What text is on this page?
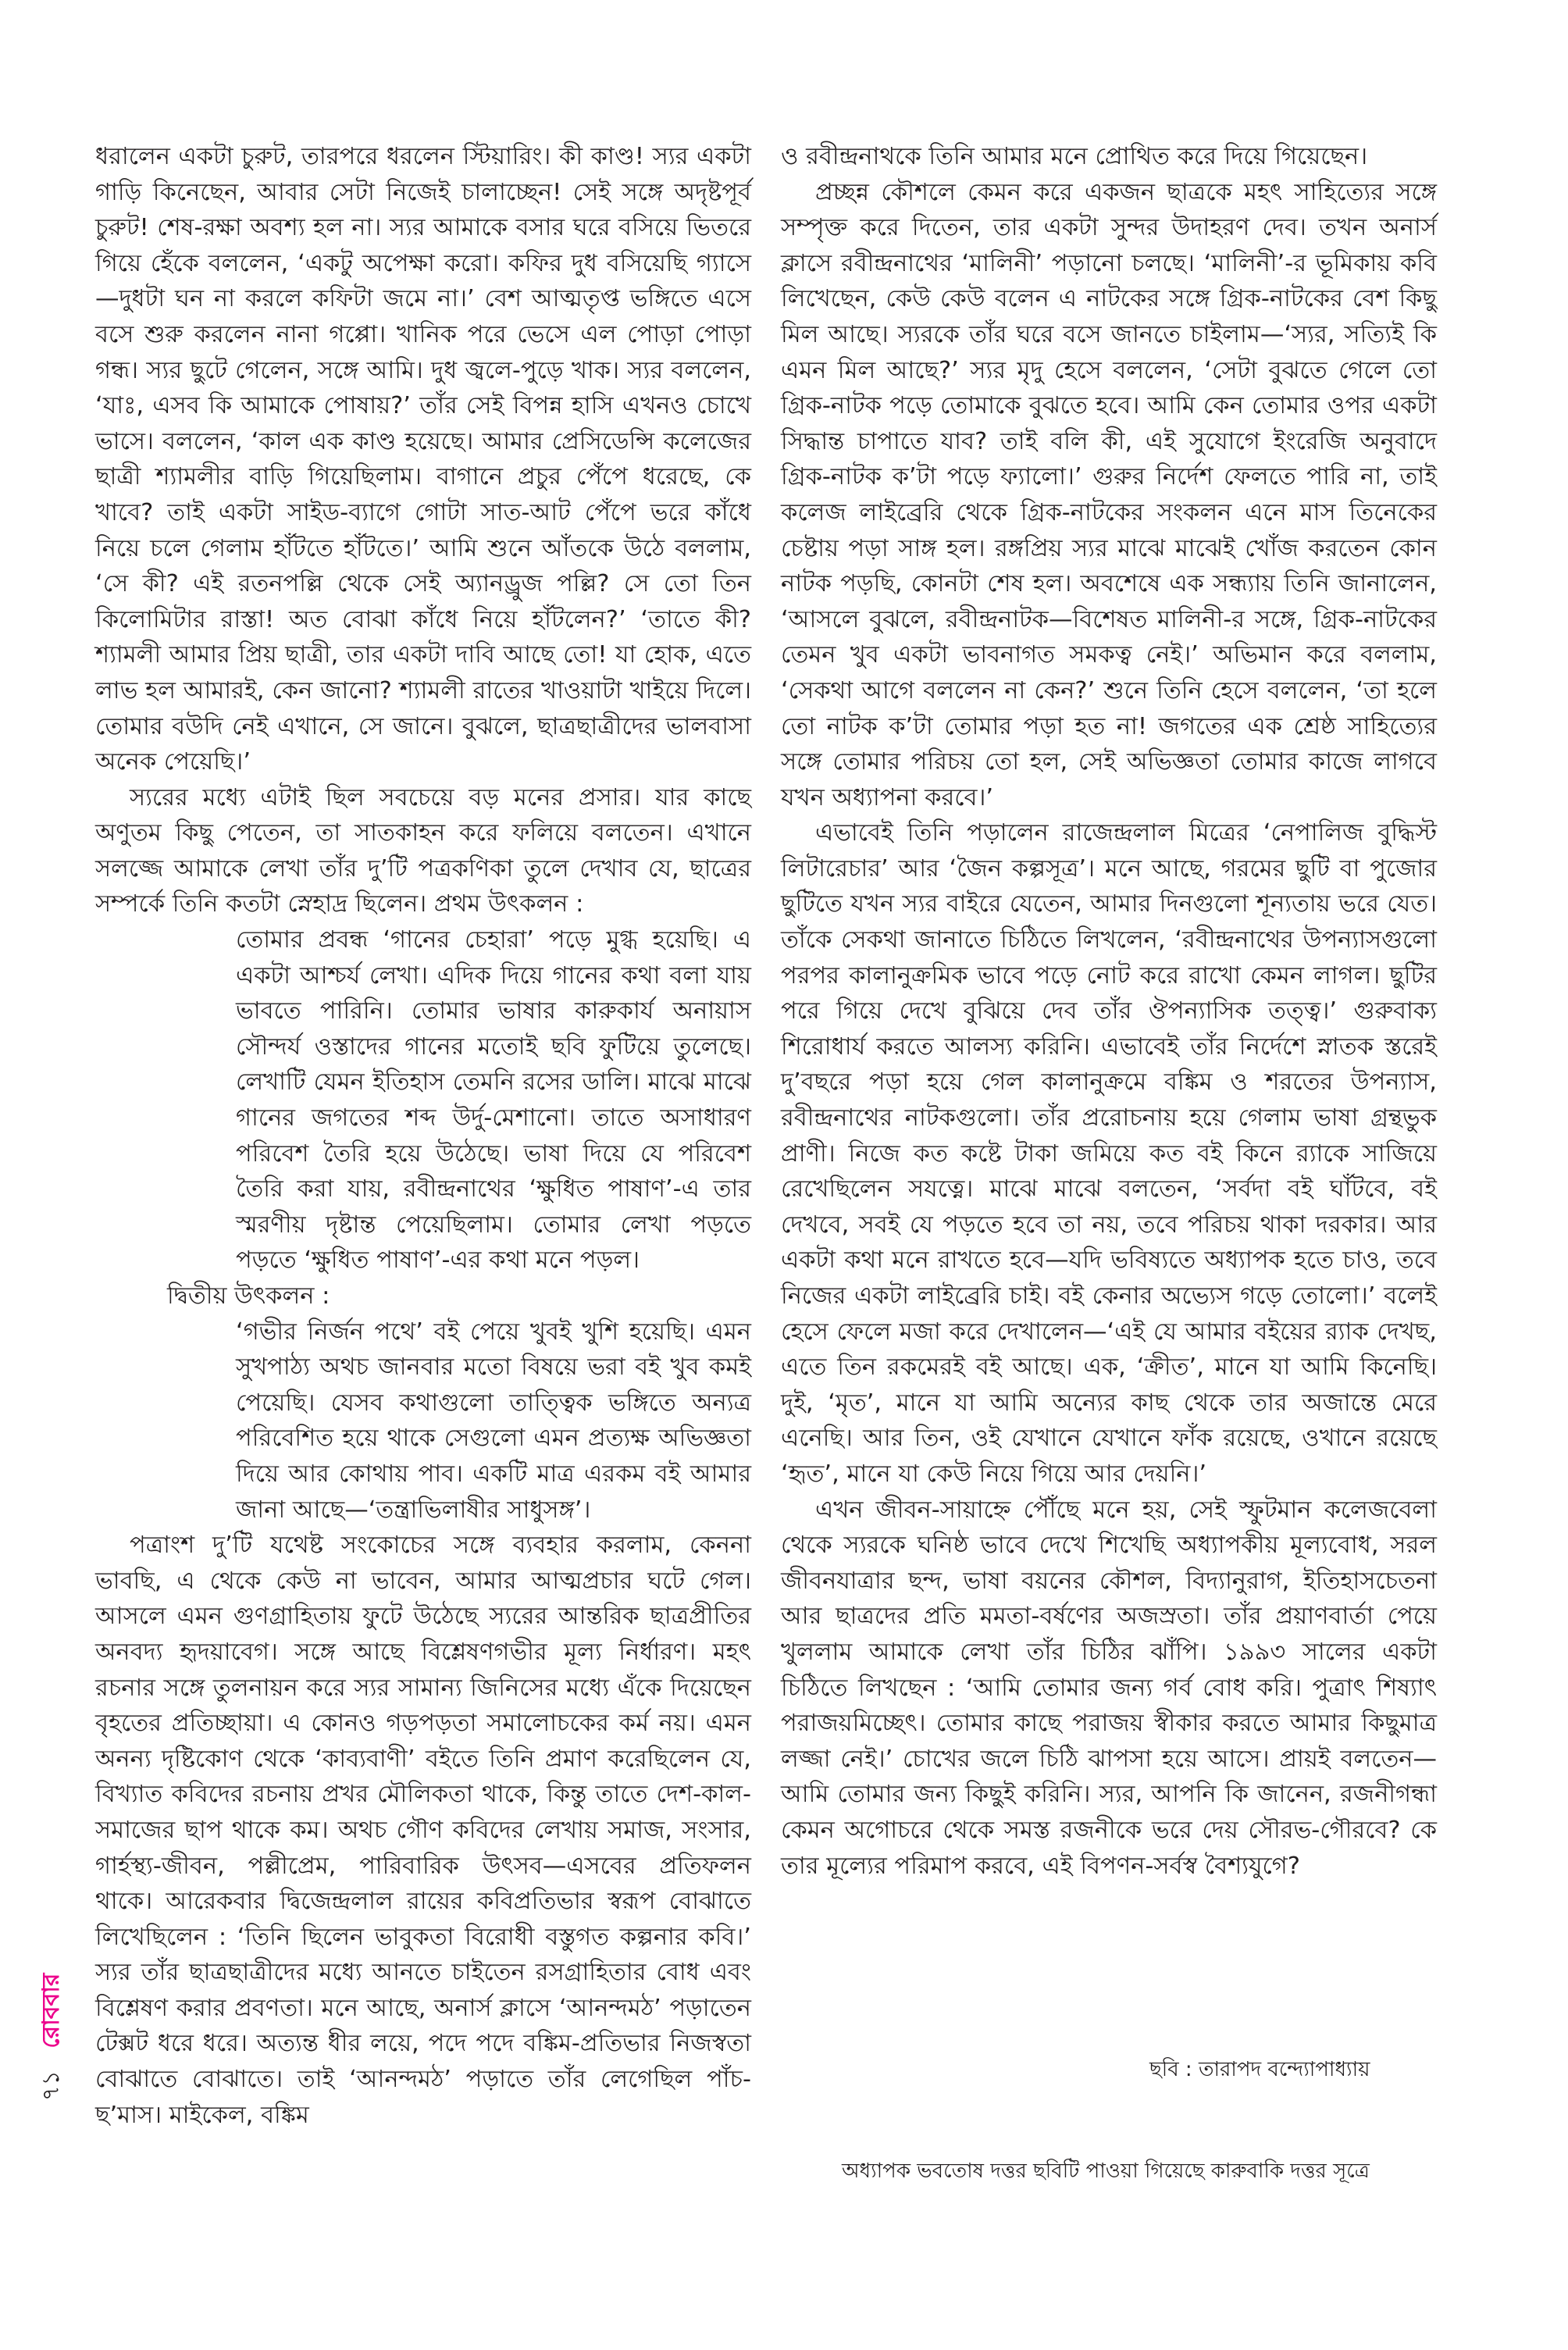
ধরালেন একটা চুরুট, তারপরে ধরলেন স্টিয়ারিং। কী কাণ্ড! স্যর একটা গাড়ি কিনেছেন, আবার সেটা নিজেই চালাচ্ছেন! সেই সঙ্গে অদৃষ্টপূর্ব চুরুট! শেষ-রক্ষা অবশ্য হল না। স্যর আমাকে বসার ঘরে বসিয়ে ভিতরে গিয়ে হেঁকে বললেন, ‘একটু অপেক্ষা করো। কফির দুধ বসিয়েছি গ্যাসে—দুধটা ঘন না করলে কফিটা জমে না।’ বেশ আত্মতৃপ্ত ভঙ্গিতে এসে বসে শুরু করলেন নানা গপ্পো। খানিক পরে ভেসে এল পোড়া পোড়া গন্ধ। স্যর ছুটে গেলেন, সঙ্গে আমি। দুধ জ্বলে-পুড়ে খাক। স্যর বললেন, ‘যাঃ, এসব কি আমাকে পোষায়?’ তাঁর সেই বিপন্ন হাসি এখনও চোখে ভাসে। বললেন, ‘কাল এক কাণ্ড হয়েছে। আমার প্রেসিডেন্সি কলেজের ছাত্রী শ্যামলীর বাড়ি গিয়েছিলাম। বাগানে প্রচুর পেঁপে ধরেছে, কে খাবে? তাই একটা সাইড-ব্যাগে গোটা সাত-আট পেঁপে ভরে কাঁধে নিয়ে চলে গেলাম হাঁটতে হাঁটতে।’ আমি শুনে আঁতকে উঠে বললাম, ‘সে কী? এই রতনপল্লি থেকে সেই অ্যানড্রুজ পল্লি? সে তো তিন কিলোমিটার রাস্তা! অত বোঝা কাঁধে নিয়ে হাঁটলেন?’ ‘তাতে কী? শ্যামলী আমার প্রিয় ছাত্রী, তার একটা দাবি আছে তো! যা হোক, এতে লাভ হল আমারই, কেন জানো? শ্যামলী রাতের খাওয়াটা খাইয়ে দিলে। তোমার বউদি নেই এখানে, সে জানে। বুঝলে, ছাত্রছাত্রীদের ভালবাসা অনেক পেয়েছি।’

স্যরের মধ্যে এটাই ছিল সবচেয়ে বড় মনের প্রসার। যার কাছে অণুতম কিছু পেতেন, তা সাতকাহন করে ফলিয়ে বলতেন। এখানে সলজ্জে আমাকে লেখা তাঁর দু’টি পত্রকণিকা তুলে দেখাব যে, ছাত্রের সম্পর্কে তিনি কতটা স্নেহাদ্র ছিলেন। প্রথম উৎকলন :

তোমার প্রবন্ধ ‘গানের চেহারা’ পড়ে মুগ্ধ হয়েছি। এ একটা আশ্চর্য লেখা। এদিক দিয়ে গানের কথা বলা যায় ভাবতে পারিনি। তোমার ভাষার কারুকার্য অনায়াস সৌন্দর্য ওস্তাদের গানের মতোই ছবি ফুটিয়ে তুলেছে। লেখাটি যেমন ইতিহাস তেমনি রসের ডালি। মাঝে মাঝে গানের জগতের শব্দ উর্দু-মেশানো। তাতে অসাধারণ পরিবেশ তৈরি হয়ে উঠেছে। ভাষা দিয়ে যে পরিবেশ তৈরি করা যায়, রবীন্দ্রনাথের ‘ক্ষুধিত পাষাণ’-এ তার স্মরণীয় দৃষ্টান্ত পেয়েছিলাম। তোমার লেখা পড়তে পড়তে ‘ক্ষুধিত পাষাণ’-এর কথা মনে পড়ল।

দ্বিতীয় উৎকলন :

‘গভীর নির্জন পথে’ বই পেয়ে খুবই খুশি হয়েছি। এমন সুখপাঠ্য অথচ জানবার মতো বিষয়ে ভরা বই খুব কমই পেয়েছি। যেসব কথাগুলো তাত্ত্বিক ভঙ্গিতে অন্যত্র পরিবেশিত হয়ে থাকে সেগুলো এমন প্রত্যক্ষ অভিজ্ঞতা দিয়ে আর কোথায় পাব। একটি মাত্র এরকম বই আমার জানা আছে—‘তন্ত্রাভিলাষীর সাধুসঙ্গ’।

পত্রাংশ দু’টি যথেষ্ট সংকোচের সঙ্গে ব্যবহার করলাম, কেননা ভাবছি, এ থেকে কেউ না ভাবেন, আমার আত্মপ্রচার ঘটে গেল। আসলে এমন গুণগ্রাহিতায় ফুটে উঠেছে স্যরের আন্তরিক ছাত্রপ্রীতির অনবদ্য হৃদয়াবেগ। সঙ্গে আছে বিশ্লেষণগভীর মূল্য নির্ধারণ। মহৎ রচনার সঙ্গে তুলনায়ন করে স্যর সামান্য জিনিসের মধ্যে এঁকে দিয়েছেন বৃহতের প্রতিচ্ছায়া। এ কোনও গড়পড়তা সমালোচকের কর্ম নয়। এমন অনন্য দৃষ্টিকোণ থেকে ‘কাব্যবাণী’ বইতে তিনি প্রমাণ করেছিলেন যে, বিখ্যাত কবিদের রচনায় প্রখর মৌলিকতা থাকে, কিন্তু তাতে দেশ-কাল-সমাজের ছাপ থাকে কম। অথচ গৌণ কবিদের লেখায় সমাজ, সংসার, গার্হস্থ্য-জীবন, পল্লীপ্রেম, পারিবারিক উৎসব—এসবের প্রতিফলন থাকে। আরেকবার দ্বিজেন্দ্রলাল রায়ের কবিপ্রতিভার স্বরূপ বোঝাতে লিখেছিলেন : ‘তিনি ছিলেন ভাবুকতা বিরোধী বস্তুগত কল্পনার কবি।’ স্যর তাঁর ছাত্রছাত্রীদের মধ্যে আনতে চাইতেন রসগ্রাহিতার বোধ এবং বিশ্লেষণ করার প্রবণতা। মনে আছে, অনার্স ক্লাসে ‘আনন্দমঠ’ পড়াতেন টেক্সট ধরে ধরে। অত্যন্ত ধীর লয়ে, পদে পদে বঙ্কিম-প্রতিভার নিজস্বতা বোঝাতে বোঝাতে। তাই ‘আনন্দমঠ’ পড়াতে তাঁর লেগেছিল পাঁচ-ছ’মাস। মাইকেল, বঙ্কিম

ও রবীন্দ্রনাথকে তিনি আমার মনে প্রোথিত করে দিয়ে গিয়েছেন।

প্রচ্ছন্ন কৌশলে কেমন করে একজন ছাত্রকে মহৎ সাহিত্যের সঙ্গে সম্পৃক্ত করে দিতেন, তার একটা সুন্দর উদাহরণ দেব। তখন অনার্স ক্লাসে রবীন্দ্রনাথের ‘মালিনী’ পড়ানো চলছে। ‘মালিনী’-র ভূমিকায় কবি লিখেছেন, কেউ কেউ বলেন এ নাটকের সঙ্গে গ্রিক-নাটকের বেশ কিছু মিল আছে। স্যরকে তাঁর ঘরে বসে জানতে চাইলাম—‘স্যর, সত্যিই কি এমন মিল আছে?’ স্যর মৃদু হেসে বললেন, ‘সেটা বুঝতে গেলে তো গ্রিক-নাটক পড়ে তোমাকে বুঝতে হবে। আমি কেন তোমার ওপর একটা সিদ্ধান্ত চাপাতে যাব? তাই বলি কী, এই সুযোগে ইংরেজি অনুবাদে গ্রিক-নাটক ক’টা পড়ে ফ্যালো।’ গুরুর নির্দেশ ফেলতে পারি না, তাই কলেজ লাইব্রেরি থেকে গ্রিক-নাটকের সংকলন এনে মাস তিনেকের চেষ্টায় পড়া সাঙ্গ হল। রঙ্গপ্রিয় স্যর মাঝে মাঝেই খোঁজ করতেন কোন নাটক পড়ছি, কোনটা শেষ হল। অবশেষে এক সন্ধ্যায় তিনি জানালেন, ‘আসলে বুঝলে, রবীন্দ্রনাটক—বিশেষত মালিনী-র সঙ্গে, গ্রিক-নাটকের তেমন খুব একটা ভাবনাগত সমকত্ব নেই।’ অভিমান করে বললাম, ‘সেকথা আগে বললেন না কেন?’ শুনে তিনি হেসে বললেন, ‘তা হলে তো নাটক ক’টা তোমার পড়া হত না! জগতের এক শ্রেষ্ঠ সাহিত্যের সঙ্গে তোমার পরিচয় তো হল, সেই অভিজ্ঞতা তোমার কাজে লাগবে যখন অধ্যাপনা করবে।’

এভাবেই তিনি পড়ালেন রাজেন্দ্রলাল মিত্রের ‘নেপালিজ বুদ্ধিস্ট লিটারেচার’ আর ‘জৈন কল্পসূত্র’। মনে আছে, গরমের ছুটি বা পুজোর ছুটিতে যখন স্যর বাইরে যেতেন, আমার দিনগুলো শূন্যতায় ভরে যেত। তাঁকে সেকথা জানাতে চিঠিতে লিখলেন, ‘রবীন্দ্রনাথের উপন্যাসগুলো পরপর কালানুক্রমিক ভাবে পড়ে নোট করে রাখো কেমন লাগল। ছুটির পরে গিয়ে দেখে বুঝিয়ে দেব তাঁর ঔপন্যাসিক তত্ত্ব।’ গুরুবাক্য শিরোধার্য করতে আলস্য করিনি। এভাবেই তাঁর নির্দেশে স্নাতক স্তরেই দু’বছরে পড়া হয়ে গেল কালানুক্রমে বঙ্কিম ও শরতের উপন্যাস, রবীন্দ্রনাথের নাটকগুলো। তাঁর প্ররোচনায় হয়ে গেলাম ভাষা গ্রন্থভুক প্রাণী। নিজে কত কষ্টে টাকা জমিয়ে কত বই কিনে র‍্যাকে সাজিয়ে রেখেছিলেন সযত্নে। মাঝে মাঝে বলতেন, ‘সর্বদা বই ঘাঁটবে, বই দেখবে, সবই যে পড়তে হবে তা নয়, তবে পরিচয় থাকা দরকার। আর একটা কথা মনে রাখতে হবে—যদি ভবিষ্যতে অধ্যাপক হতে চাও, তবে নিজের একটা লাইব্রেরি চাই। বই কেনার অভ্যেস গড়ে তোলো।’ বলেই হেসে ফেলে মজা করে দেখালেন—‘এই যে আমার বইয়ের র‍্যাক দেখছ, এতে তিন রকমেরই বই আছে। এক, ‘ক্রীত’, মানে যা আমি কিনেছি। দুই, ‘মৃত’, মানে যা আমি অন্যের কাছ থেকে তার অজান্তে মেরে এনেছি। আর তিন, ওই যেখানে যেখানে ফাঁক রয়েছে, ওখানে রয়েছে ‘হৃত’, মানে যা কেউ নিয়ে গিয়ে আর দেয়নি।’

এখন জীবন-সায়াহ্নে পৌঁছে মনে হয়, সেই স্ফুটমান কলেজবেলা থেকে স্যরকে ঘনিষ্ঠ ভাবে দেখে শিখেছি অধ্যাপকীয় মূল্যবোধ, সরল জীবনযাত্রার ছন্দ, ভাষা বয়নের কৌশল, বিদ্যানুরাগ, ইতিহাসচেতনা আর ছাত্রদের প্রতি মমতা-বর্ষণের অজস্রতা। তাঁর প্রয়াণবার্তা পেয়ে খুললাম আমাকে লেখা তাঁর চিঠির ঝাঁপি। ১৯৯৩ সালের একটা চিঠিতে লিখছেন : ‘আমি তোমার জন্য গর্ব বোধ করি। পুত্রাৎ শিষ্যাৎ পরাজয়মিচ্ছেৎ। তোমার কাছে পরাজয় স্বীকার করতে আমার কিছুমাত্র লজ্জা নেই।’ চোখের জলে চিঠি ঝাপসা হয়ে আসে। প্রায়ই বলতেন—আমি তোমার জন্য কিছুই করিনি। স্যর, আপনি কি জানেন, রজনীগন্ধা কেমন অগোচরে থেকে সমস্ত রজনীকে ভরে দেয় সৌরভ-গৌরবে? কে তার মূল্যের পরিমাপ করবে, এই বিপণন-সর্বস্ব বৈশ্যযুগে?

৭১ রোববার
ছবি : তারাপদ বন্দ্যোপাধ্যায়
অধ্যাপক ভবতোষ দত্তর ছবিটি পাওয়া গিয়েছে কারুবাকি দত্তর সূত্রে
